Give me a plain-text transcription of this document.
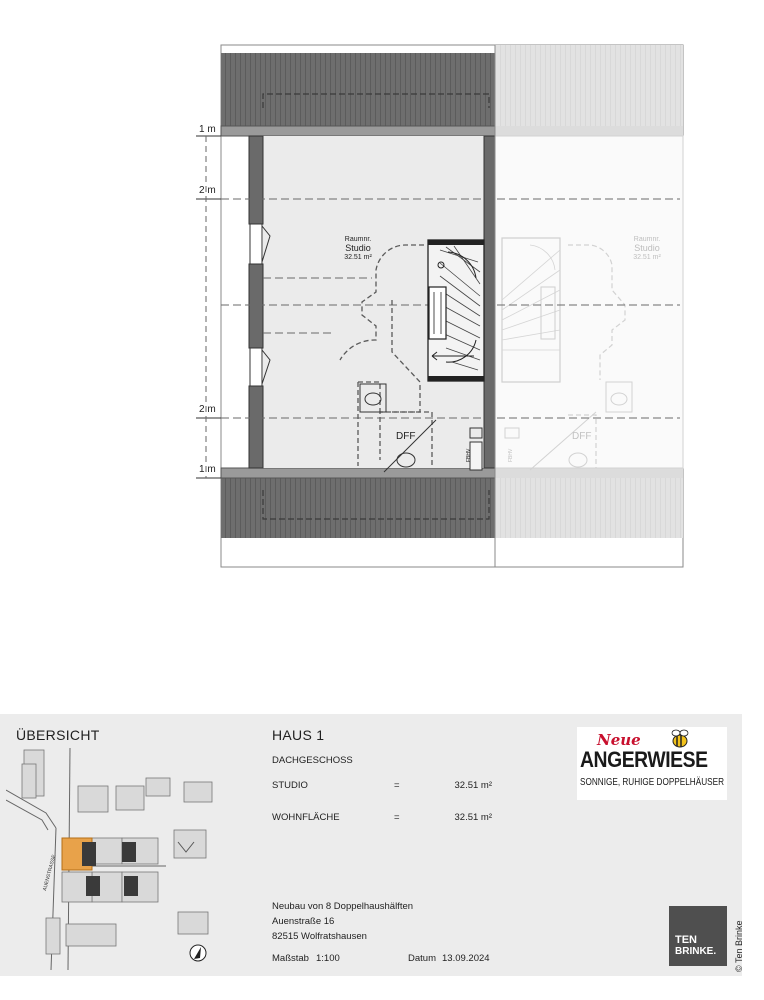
1 m
2 m
2 m
1 m
Raumnr.
Studio
32.51 m²
Raumnr.
Studio
32.51 m²
DFF	DFF
FBHV	FBHV
ÜBERSICHT
AUENSTRASSE
HAUS 1
DACHGESCHOSS
STUDIO	=	32.51 m²
WOHNFLÄCHE	=	32.51 m²
Neubau von 8 Doppelhaushälften
Auenstraße 16
82515 Wolfratshausen
Maßstab 1:100	Datum 13.09.2024
Neue
ANGERWIESE
SONNIGE, RUHIGE DOPPELHÄUSER
TEN
BRINKE. © Ten Brinke
